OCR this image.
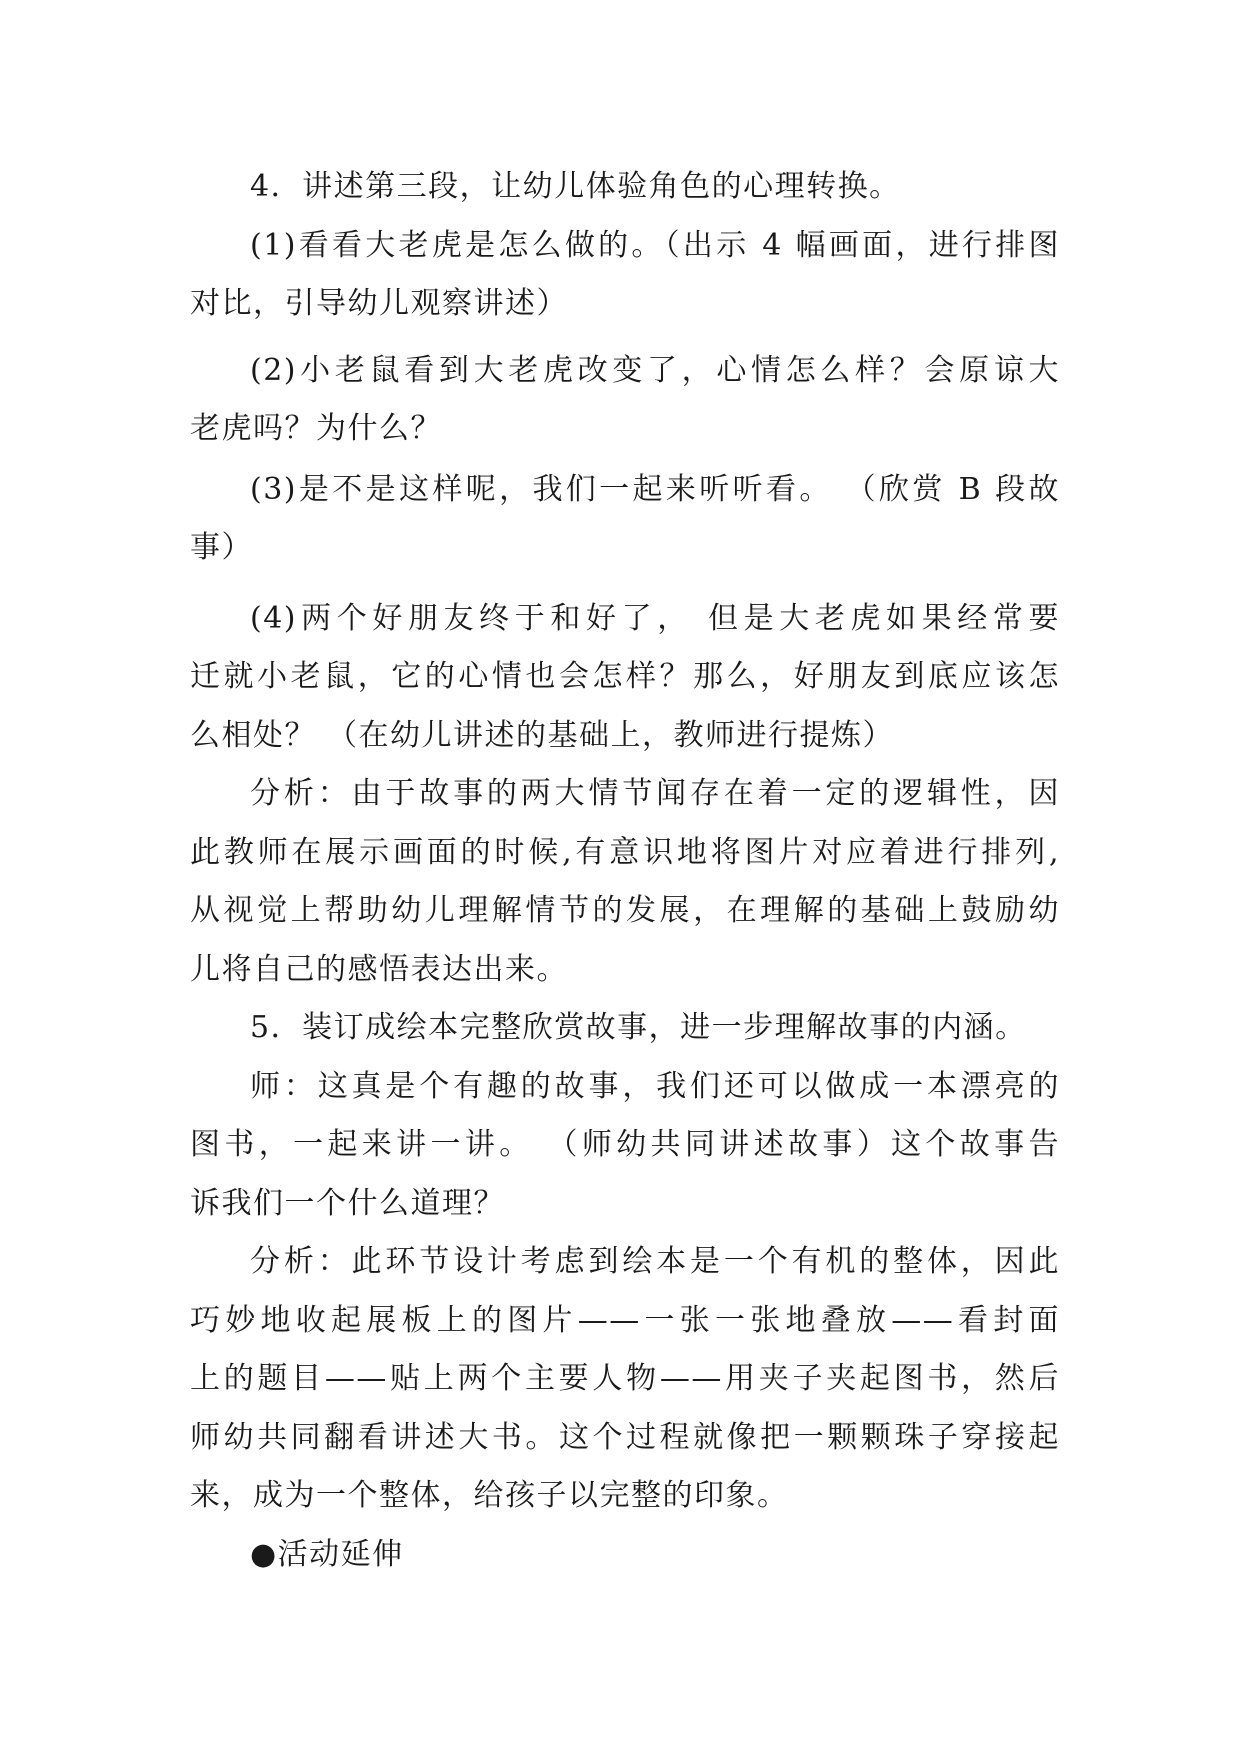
4．讲述第三段，让幼儿体验角色的心理转换。
(1)看看大老虎是怎么做的。（出示 4 幅画面，进行排图
对比，引导幼儿观察讲述）
(2)小老鼠看到大老虎改变了，心情怎么样？会原谅大
老虎吗？为什么？
(3)是不是这样呢，我们一起来听听看。 （欣赏 B 段故
事）
(4)两个好朋友终于和好了， 但是大老虎如果经常要
迁就小老鼠，它的心情也会怎样？那么，好朋友到底应该怎
么相处？ （在幼儿讲述的基础上，教师进行提炼）
分析：由于故事的两大情节闻存在着一定的逻辑性，因
此教师在展示画面的时候,有意识地将图片对应着进行排列,
从视觉上帮助幼儿理解情节的发展，在理解的基础上鼓励幼
儿将自己的感悟表达出来。
5．装订成绘本完整欣赏故事，进一步理解故事的内涵。
师：这真是个有趣的故事，我们还可以做成一本漂亮的
图书，一起来讲一讲。 （师幼共同讲述故事）这个故事告
诉我们一个什么道理？
分析：此环节设计考虑到绘本是一个有机的整体，因此
巧妙地收起展板上的图片——一张一张地叠放——看封面
上的题目——贴上两个主要人物——用夹子夹起图书，然后
师幼共同翻看讲述大书。这个过程就像把一颗颗珠子穿接起
来，成为一个整体，给孩子以完整的印象。
●活动延伸
